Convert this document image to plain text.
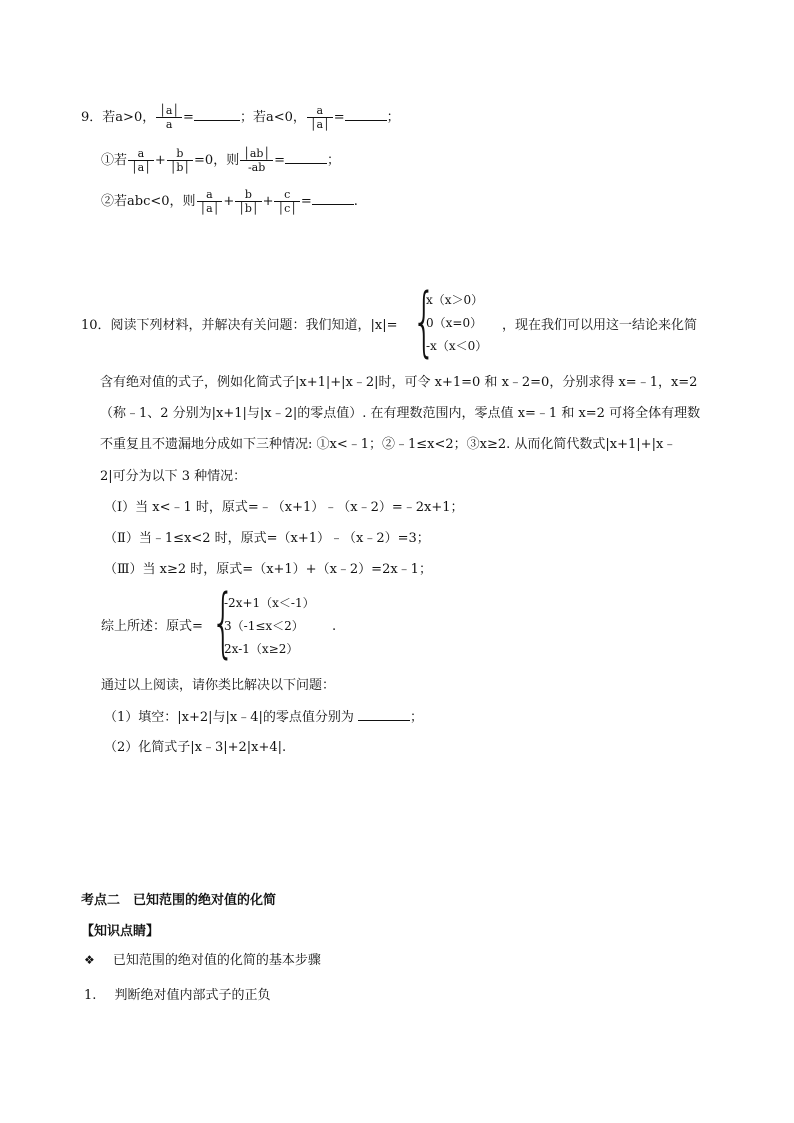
9．若a>0， $\frac{│a│}{a}$ =	；若a<0， $\frac{a}{│a│}$ =	；
①若 $\frac{a}{│a│} + \frac{b}{│b│} =0$，则 $\frac{│ab│}{-ab}$ =	；
②若abc<0，则 $\frac{a}{│a│} + \frac{b}{│b│} + \frac{c}{│c│}$ =	.
10．阅读下列材料，并解决有关问题：我们知道，|x|= {
x（x＞0）
0（x=0）
-x（x＜0）
，现在我们可以用这一结论来化简
含有绝对值的式子，例如化简式子|x+1|+|x﹣2|时，可令 x+1=0 和 x﹣2=0，分别求得 x=﹣1，x=2
（称﹣1、2 分别为|x+1|与|x﹣2|的零点值）. 在有理数范围内，零点值 x=﹣1 和 x=2 可将全体有理数
不重复且不遗漏地分成如下三种情况: ①x<﹣1；②﹣1≤x<2；③x≥2. 从而化简代数式|x+1|+|x﹣
2|可分为以下 3 种情况：
（Ⅰ）当 x<﹣1 时，原式=﹣（x+1）﹣（x﹣2）=﹣2x+1；
（Ⅱ）当﹣1≤x<2 时，原式=（x+1）﹣（x﹣2）=3；
（Ⅲ）当 x≥2 时，原式=（x+1）+（x﹣2）=2x﹣1；
综上所述：原式= {
-2x+1（x＜-1）
3（-1≤x＜2）
2x-1（x≥2）
.
通过以上阅读，请你类比解决以下问题：
（1）填空：|x+2|与|x﹣4|的零点值分别为	；
（2）化简式子|x﹣3|+2|x+4|.
考点二　已知范围的绝对值的化简
【知识点睛】
❖ 已知范围的绝对值的化简的基本步骤
1. 判断绝对值内部式子的正负
